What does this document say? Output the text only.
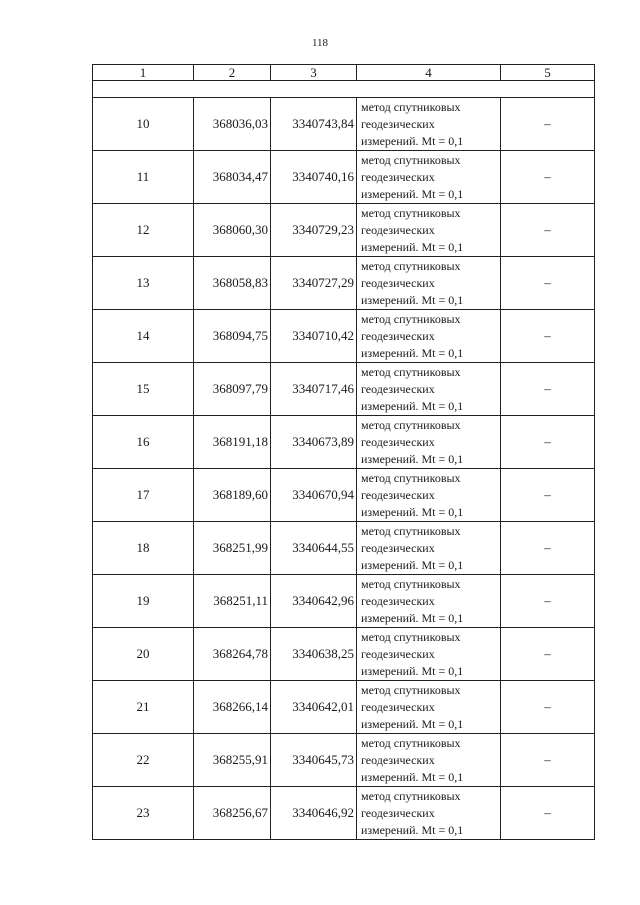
118
1	2	3	4	5

10	368036,03	3340743,84	метод спутниковых
геодезических
измерений. Mt = 0,1	–
11	368034,47	3340740,16	метод спутниковых
геодезических
измерений. Mt = 0,1	–
12	368060,30	3340729,23	метод спутниковых
геодезических
измерений. Mt = 0,1	–
13	368058,83	3340727,29	метод спутниковых
геодезических
измерений. Mt = 0,1	–
14	368094,75	3340710,42	метод спутниковых
геодезических
измерений. Mt = 0,1	–
15	368097,79	3340717,46	метод спутниковых
геодезических
измерений. Mt = 0,1	–
16	368191,18	3340673,89	метод спутниковых
геодезических
измерений. Mt = 0,1	–
17	368189,60	3340670,94	метод спутниковых
геодезических
измерений. Mt = 0,1	–
18	368251,99	3340644,55	метод спутниковых
геодезических
измерений. Mt = 0,1	–
19	368251,11	3340642,96	метод спутниковых
геодезических
измерений. Mt = 0,1	–
20	368264,78	3340638,25	метод спутниковых
геодезических
измерений. Mt = 0,1	–
21	368266,14	3340642,01	метод спутниковых
геодезических
измерений. Mt = 0,1	–
22	368255,91	3340645,73	метод спутниковых
геодезических
измерений. Mt = 0,1	–
23	368256,67	3340646,92	метод спутниковых
геодезических
измерений. Mt = 0,1	–
